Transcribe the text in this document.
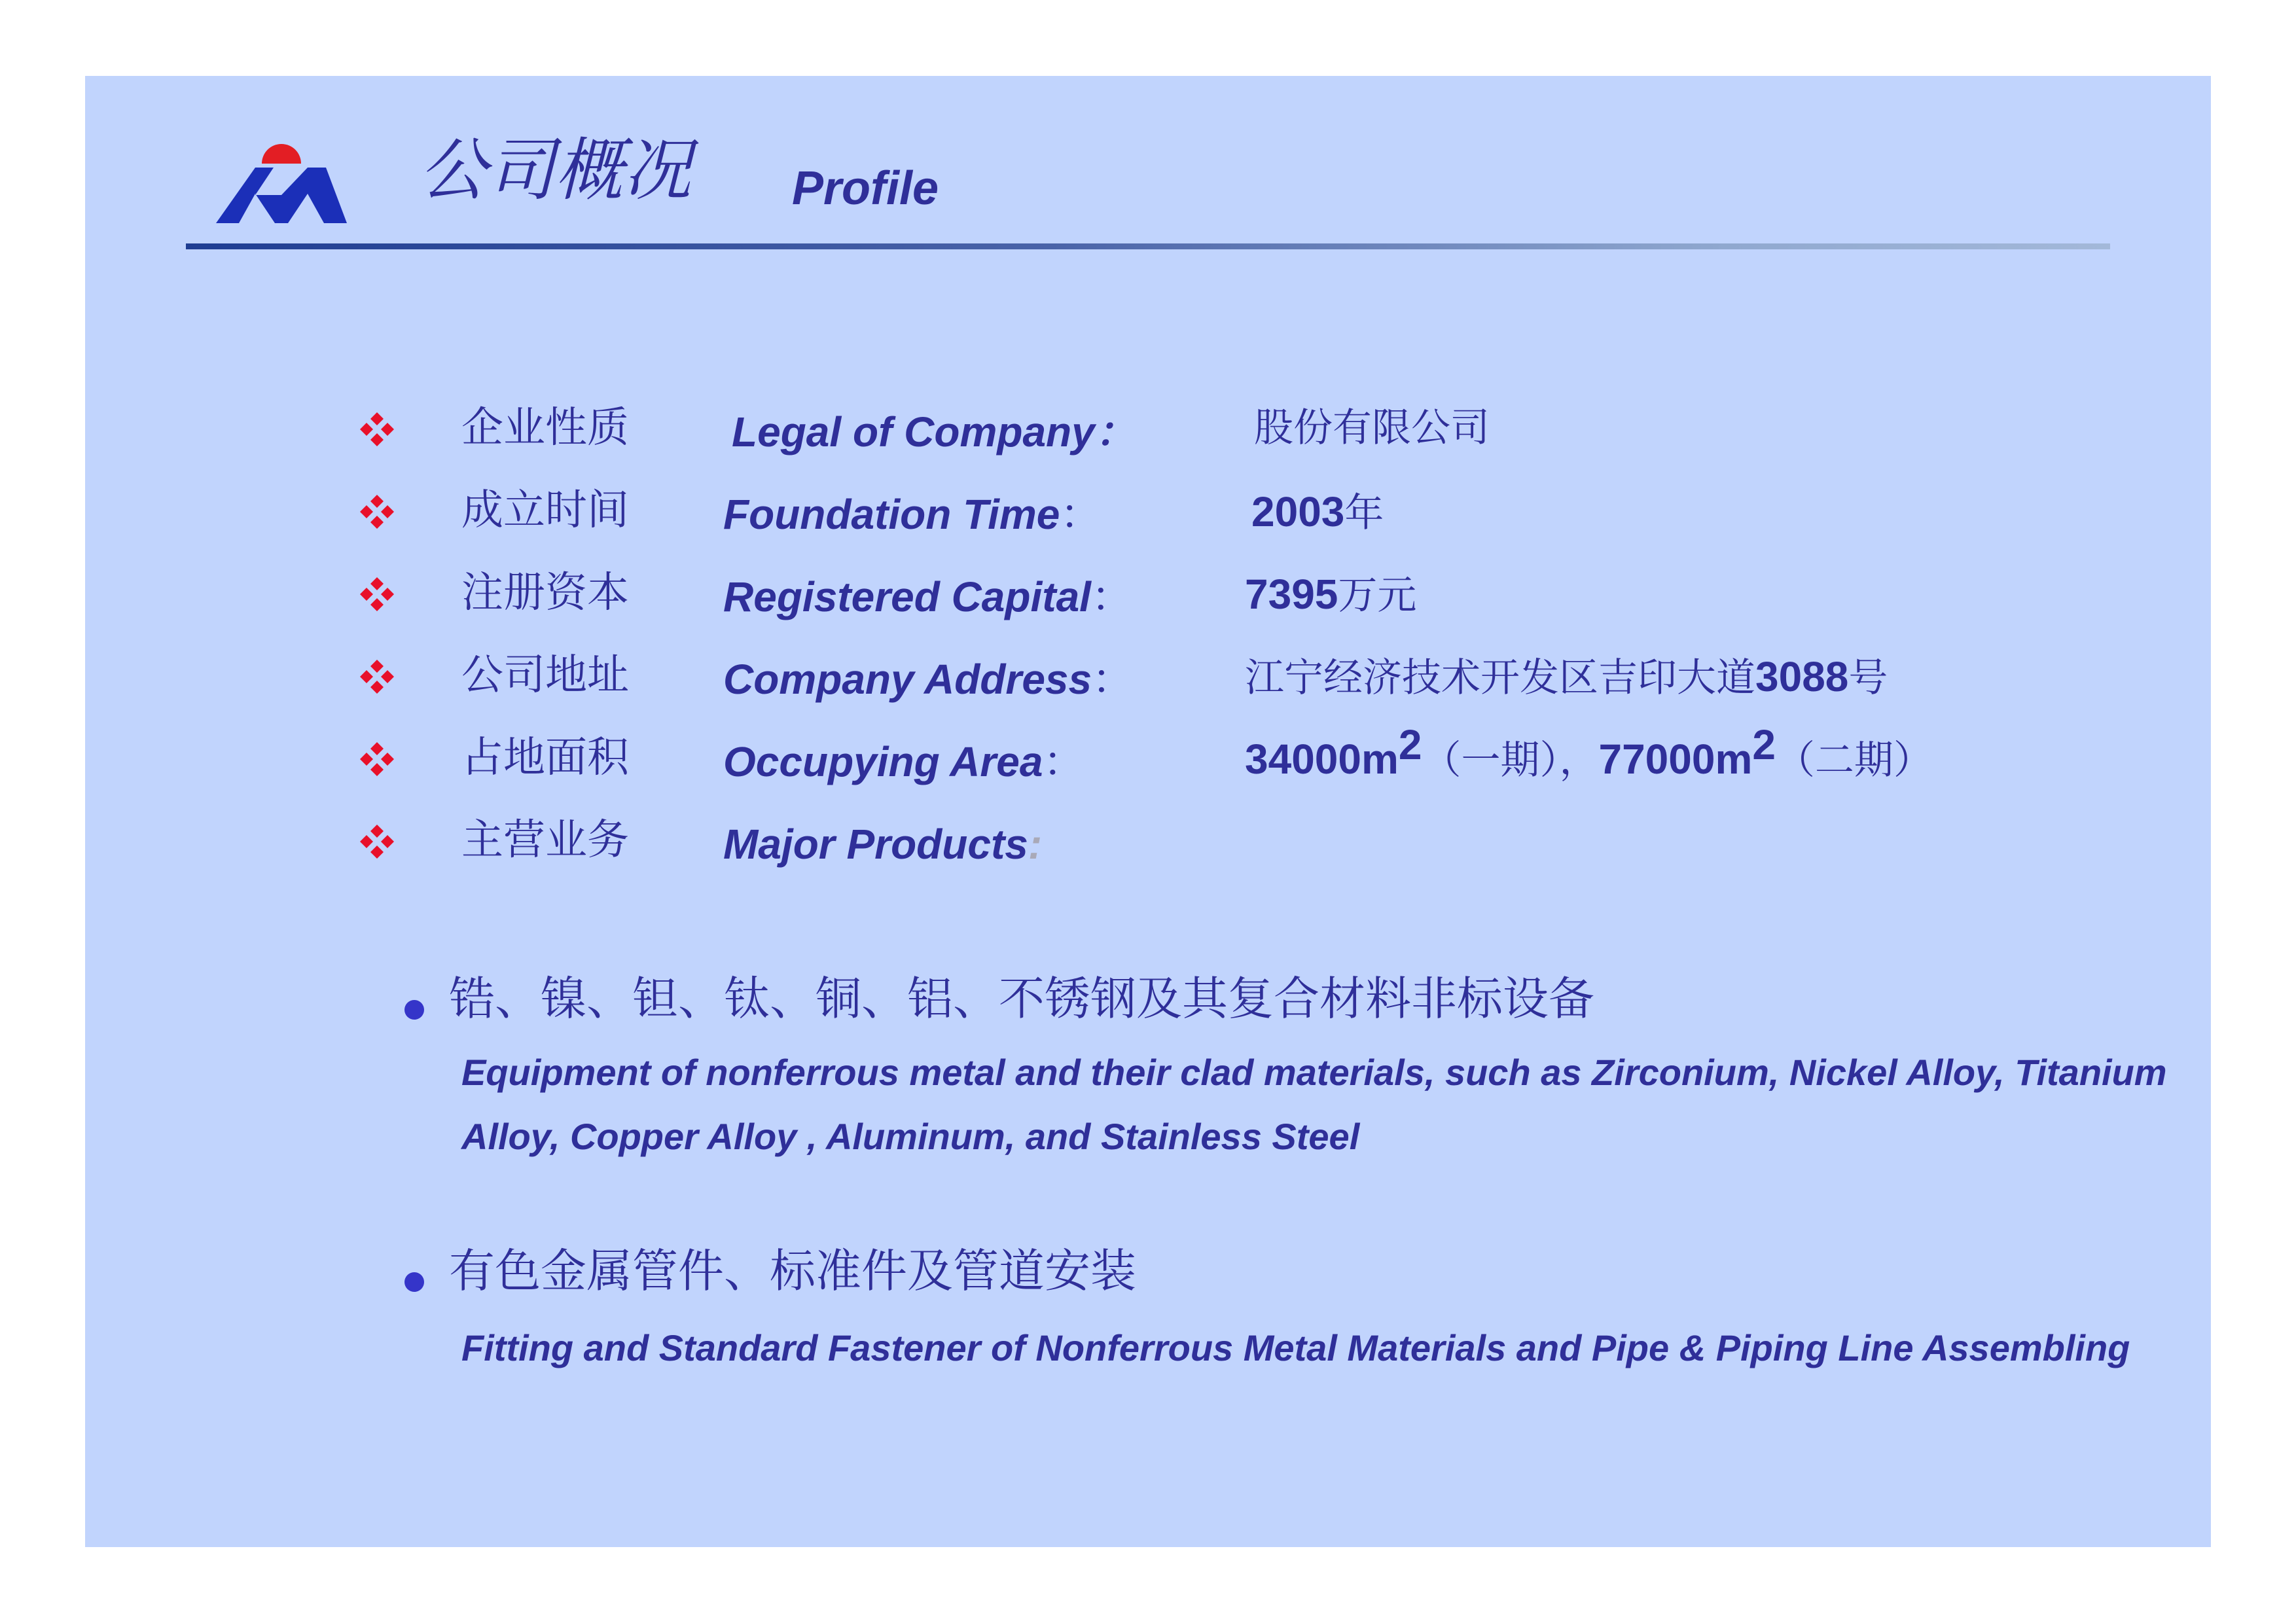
公司概况 Profile
企业性质 Legal of Company：	股份有限公司
成立时间 Foundation Time：	2003年
注册资本 Registered Capital：	7395万元
公司地址 Company Address：	江宁经济技术开发区吉印大道3088号
占地面积 Occupying Area：	$34000m^2$（一期），$77000m^2$（二期）
主营业务 Major Products:
锆、镍、钽、钛、铜、铝、不锈钢及其复合材料非标设备
Equipment of nonferrous metal and their clad materials, such as Zirconium, Nickel Alloy, Titanium Alloy, Copper Alloy , Aluminum, and Stainless Steel
有色金属管件、标准件及管道安装
Fitting and Standard Fastener of Nonferrous Metal Materials and Pipe & Piping Line Assembling
